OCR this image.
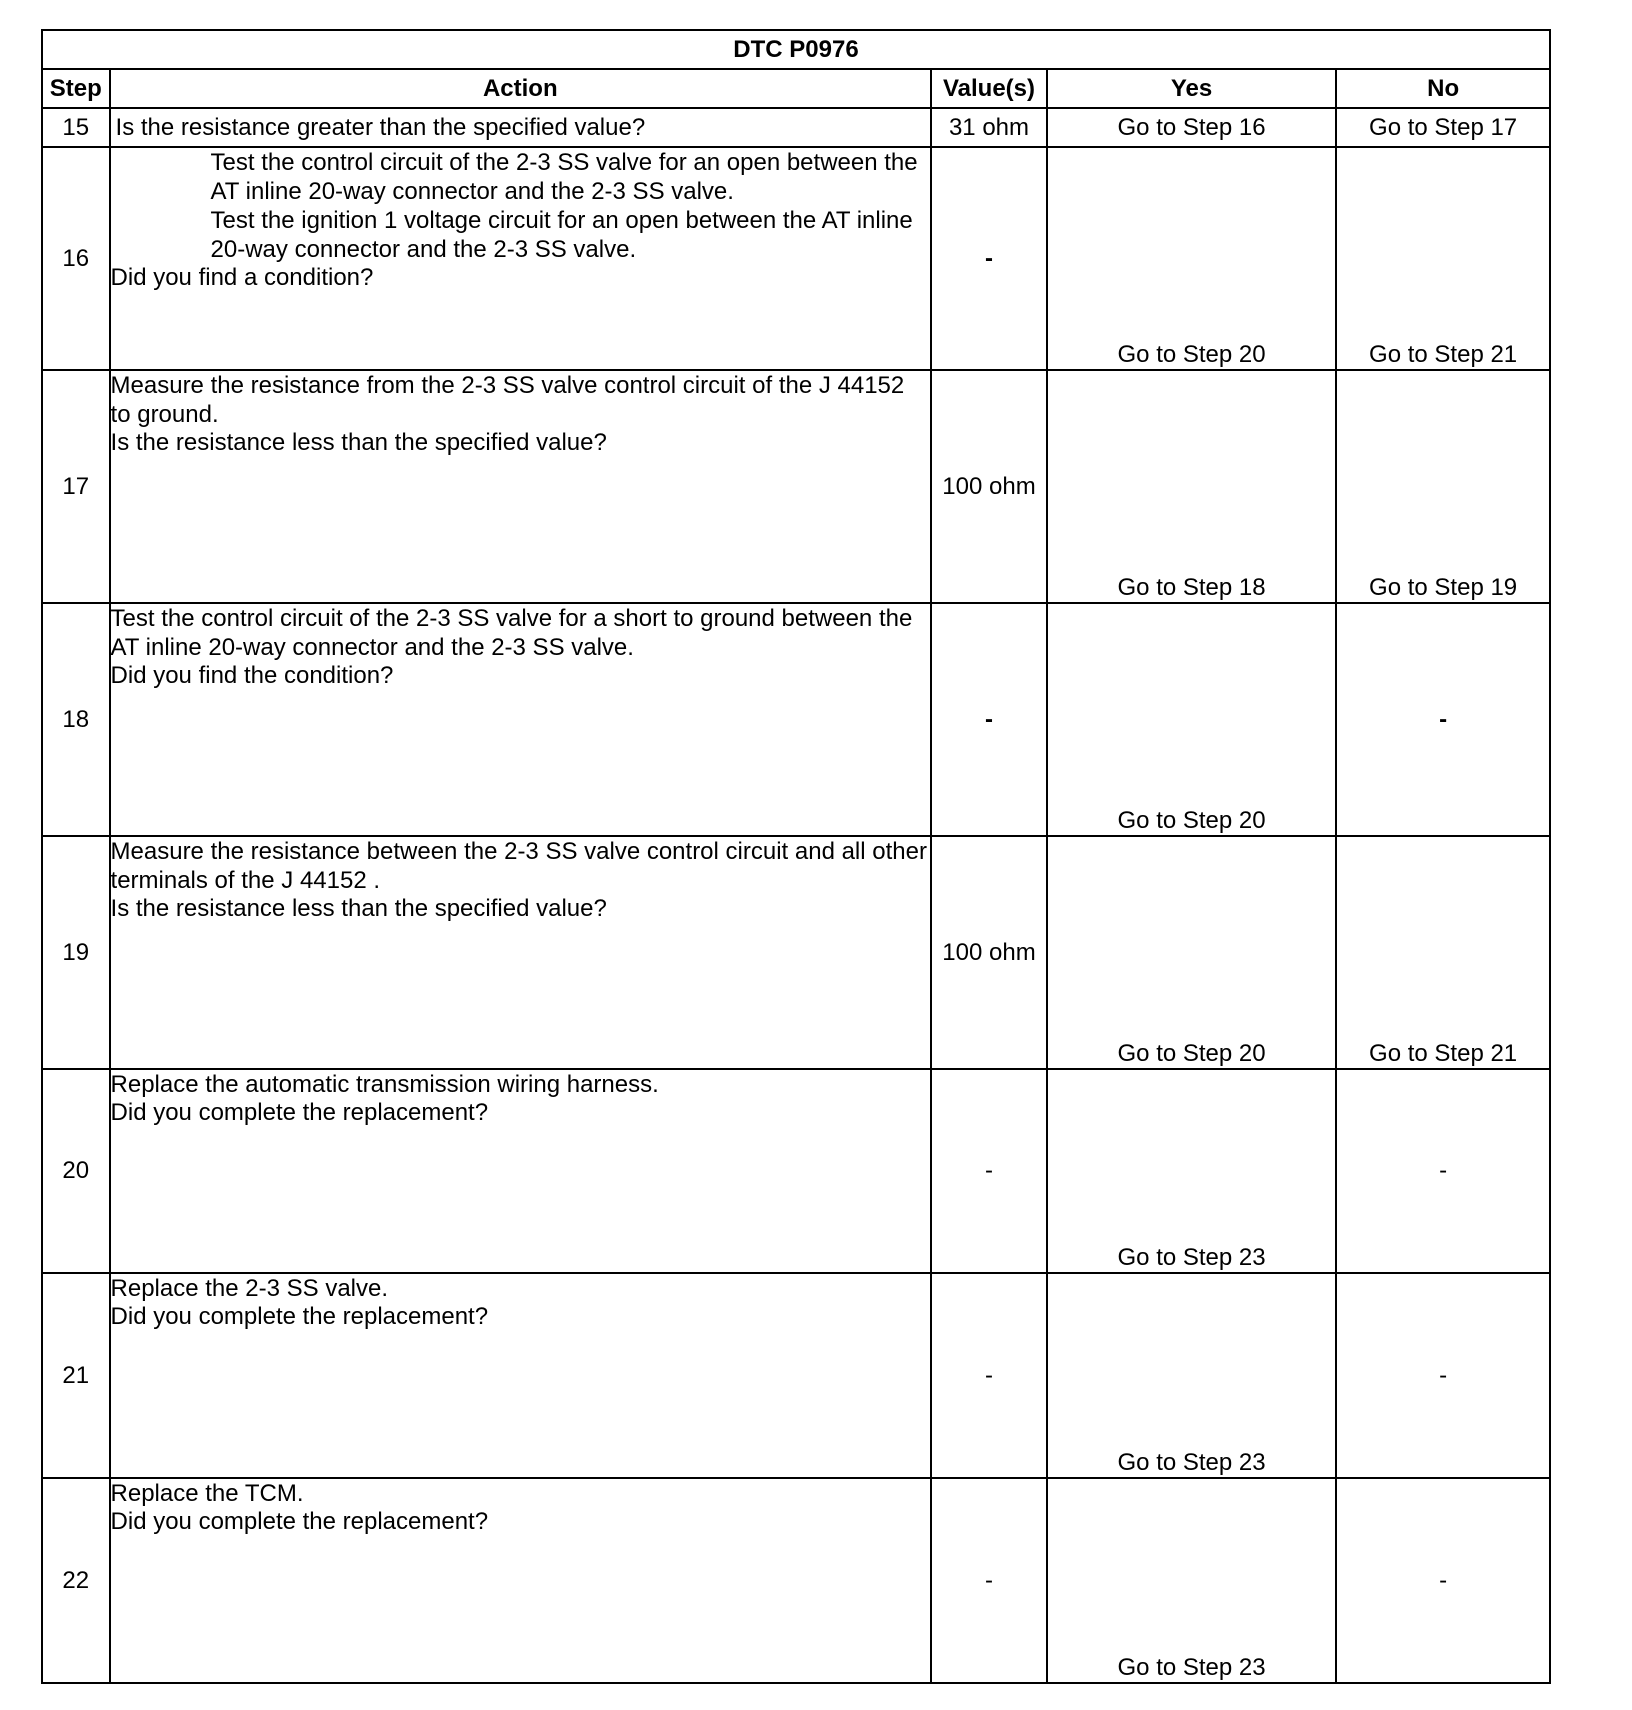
DTC P0976				
Step	Action	Value(s)	Yes	No
15	Is the resistance greater than the specified value?	31 ohm	Go to Step 16	Go to Step 17
16	Test the control circuit of the 2-3 SS valve for an open between the AT inline 20-way connector and the 2-3 SS valve.
Test the ignition 1 voltage circuit for an open between the AT inline 20-way connector and the 2-3 SS valve.
Did you find a condition?	-	Go to Step 20	Go to Step 21
17	Measure the resistance from the 2-3 SS valve control circuit of the J 44152 to ground.
Is the resistance less than the specified value?	100 ohm	Go to Step 18	Go to Step 19
18	Test the control circuit of the 2-3 SS valve for a short to ground between the AT inline 20-way connector and the 2-3 SS valve.
Did you find the condition?	-	Go to Step 20	-
19	Measure the resistance between the 2-3 SS valve control circuit and all other terminals of the J 44152 .
Is the resistance less than the specified value?	100 ohm	Go to Step 20	Go to Step 21
20	Replace the automatic transmission wiring harness.
Did you complete the replacement?	-	Go to Step 23	-
21	Replace the 2-3 SS valve.
Did you complete the replacement?	-	Go to Step 23	-
22	Replace the TCM.
Did you complete the replacement?	-	Go to Step 23	-
